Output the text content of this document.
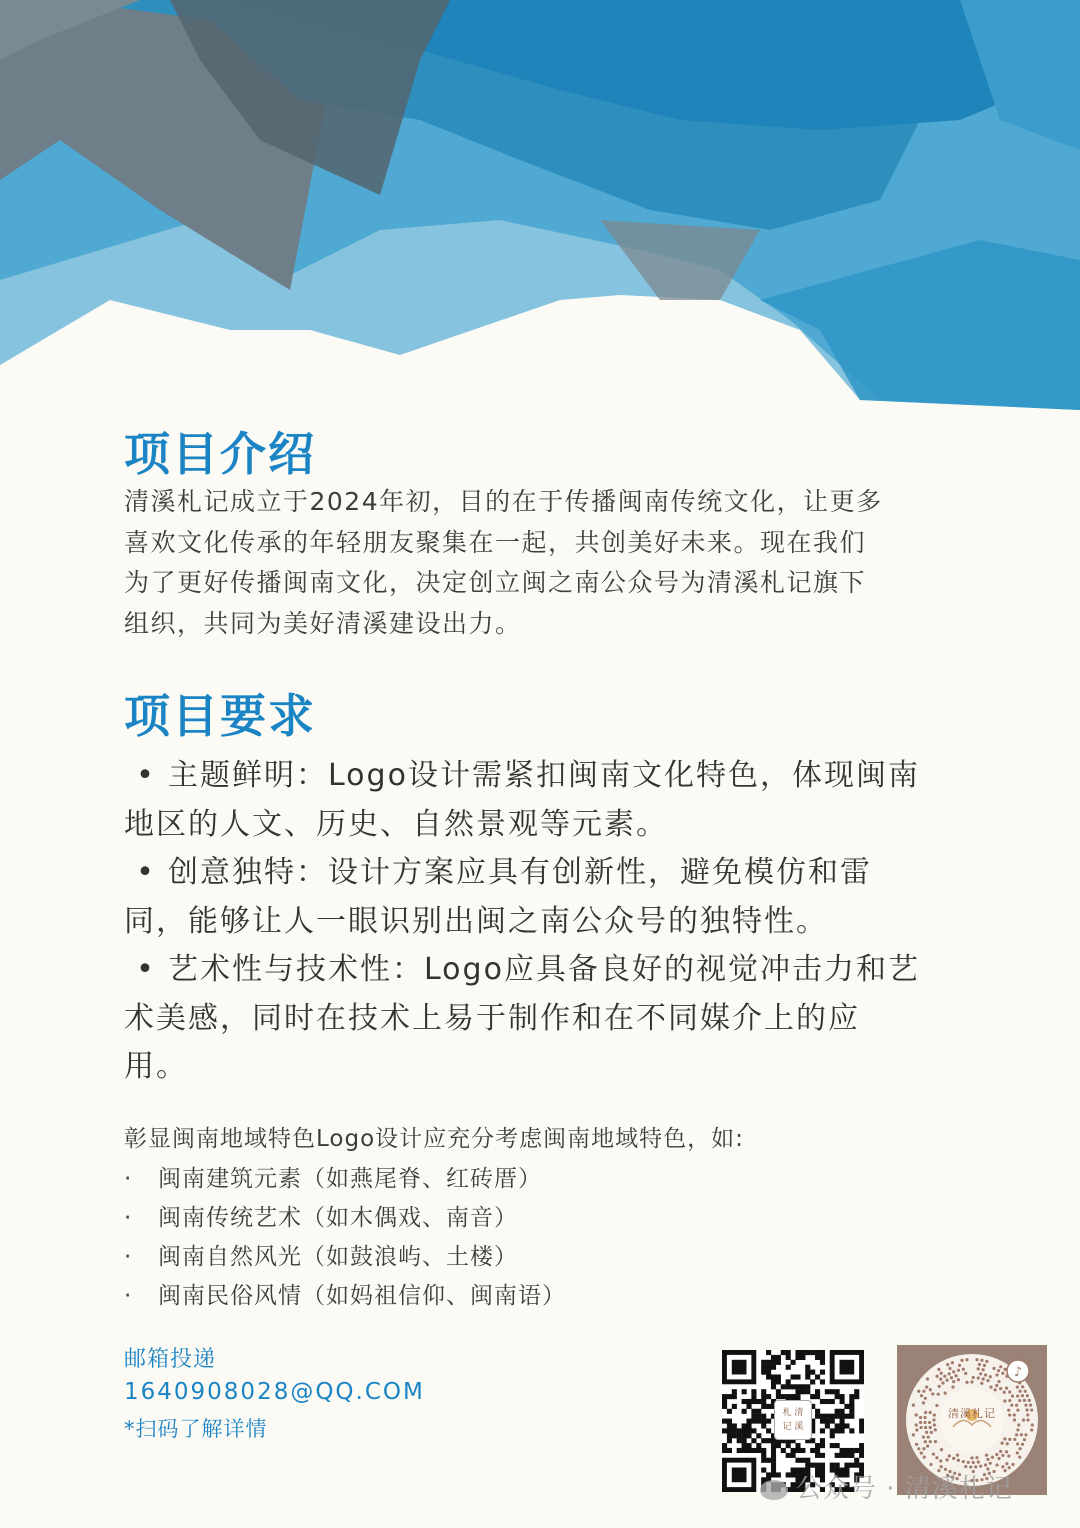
项目介绍
清溪札记成立于2024年初，目的在于传播闽南传统文化，让更多
喜欢文化传承的年轻朋友聚集在一起，共创美好未来。现在我们
为了更好传播闽南文化，决定创立闽之南公众号为清溪札记旗下
组织，共同为美好清溪建设出力。
项目要求
• 主题鲜明：Logo设计需紧扣闽南文化特色，体现闽南
地区的人文、历史、自然景观等元素。
• 创意独特：设计方案应具有创新性，避免模仿和雷
同，能够让人一眼识别出闽之南公众号的独特性。
• 艺术性与技术性：Logo应具备良好的视觉冲击力和艺
术美感，同时在技术上易于制作和在不同媒介上的应
用。

彰显闽南地域特色Logo设计应充分考虑闽南地域特色，如:

· 闽南建筑元素（如燕尾脊、红砖厝）
· 闽南传统艺术（如木偶戏、南音）
· 闽南自然风光（如鼓浪屿、土楼）
· 闽南民俗风情（如妈祖信仰、闽南语）
邮箱投递
1640908028@QQ.COM
*扫码了解详情
札 清
记 溪
♪
清溪札记
公众号 · 清溪札记
